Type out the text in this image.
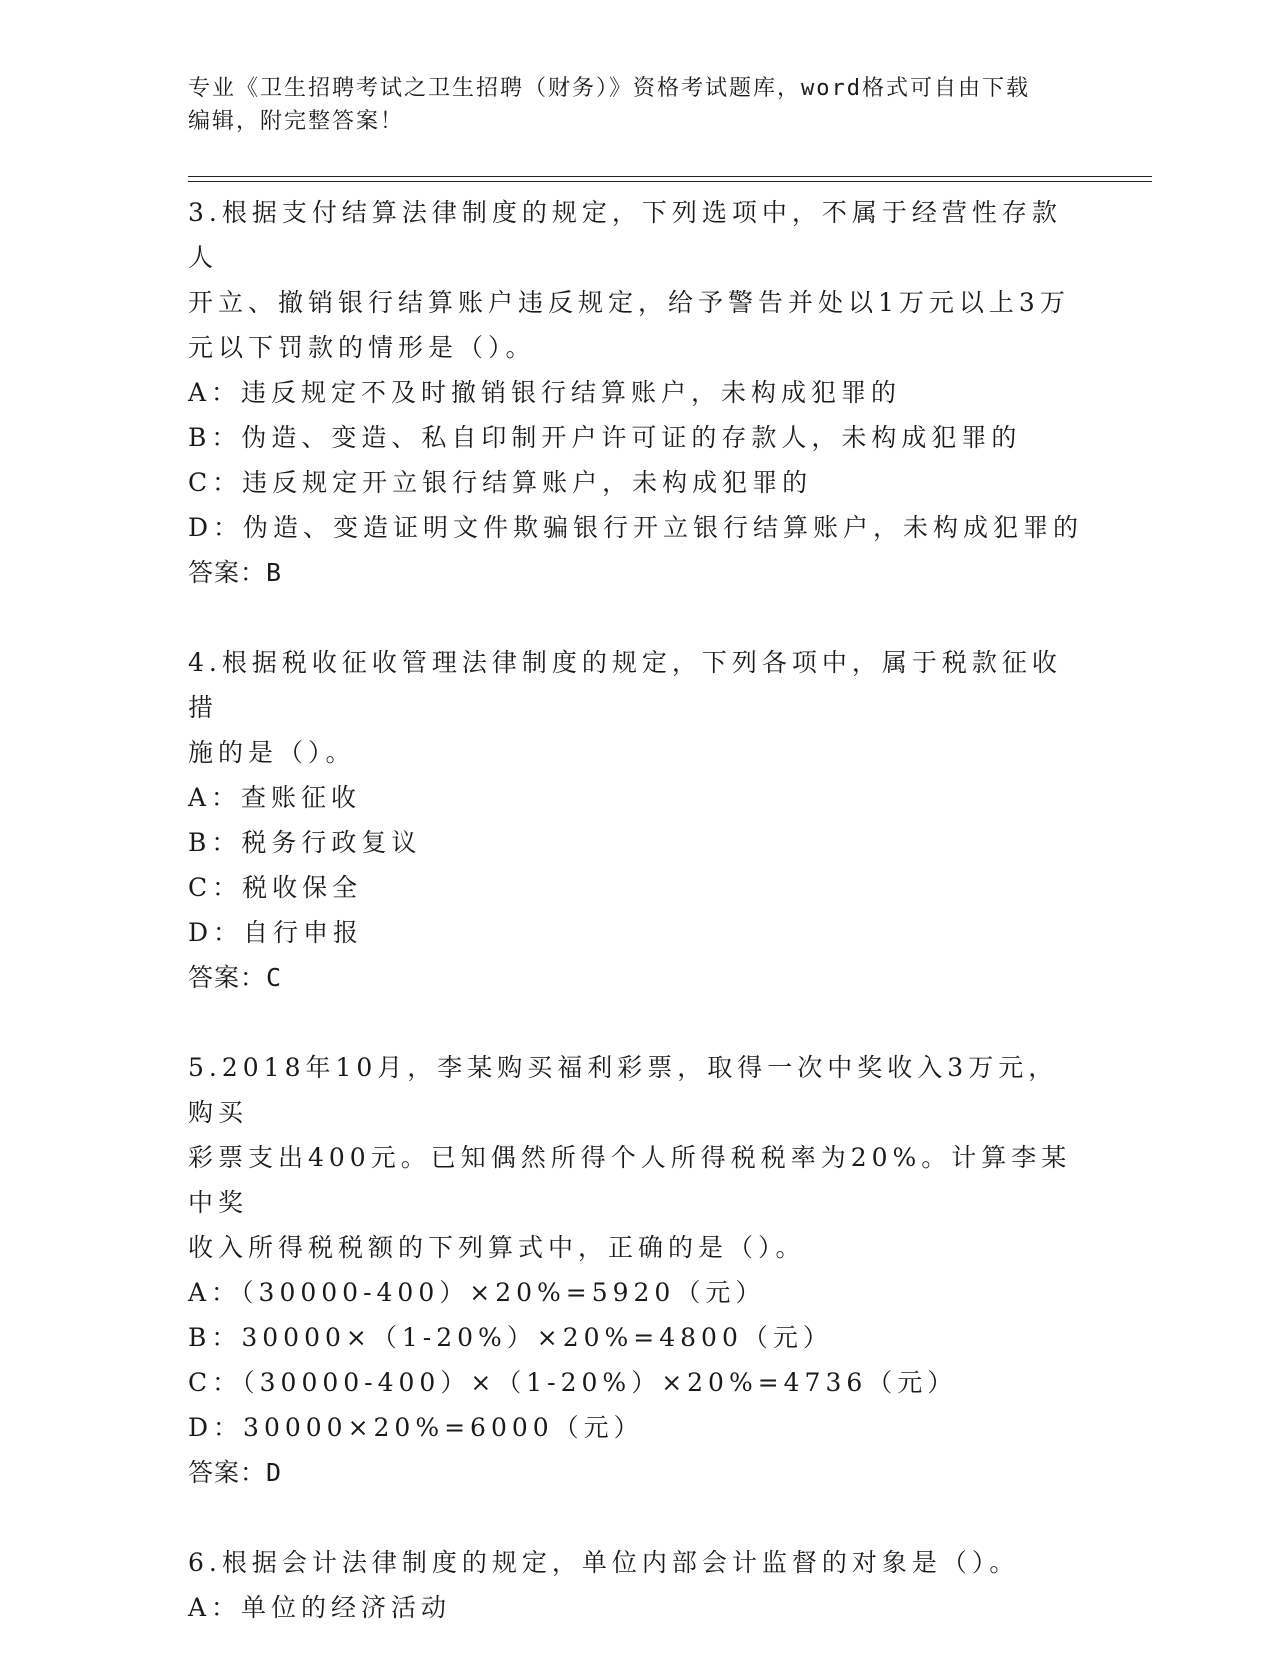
专业《卫生招聘考试之卫生招聘（财务）》资格考试题库，word格式可自由下载
编辑，附完整答案！

3.根据支付结算法律制度的规定，下列选项中，不属于经营性存款人

开立、撤销银行结算账户违反规定，给予警告并处以1万元以上3万

元以下罚款的情形是（）。

A：违反规定不及时撤销银行结算账户，未构成犯罪的

B：伪造、变造、私自印制开户许可证的存款人，未构成犯罪的

C：违反规定开立银行结算账户，未构成犯罪的

D：伪造、变造证明文件欺骗银行开立银行结算账户，未构成犯罪的

答案：B

4.根据税收征收管理法律制度的规定，下列各项中，属于税款征收措

施的是（）。

A：查账征收

B：税务行政复议

C：税收保全

D：自行申报

答案：C

5.2018年10月，李某购买福利彩票，取得一次中奖收入3万元，购买

彩票支出400元。已知偶然所得个人所得税税率为20%。计算李某中奖

收入所得税税额的下列算式中，正确的是（）。

A：（30000-400）×20%=5920（元）

B：30000×（1-20%）×20%=4800（元）

C：（30000-400）×（1-20%）×20%=4736（元）

D：30000×20%=6000（元）

答案：D

6.根据会计法律制度的规定，单位内部会计监督的对象是（）。

A：单位的经济活动
